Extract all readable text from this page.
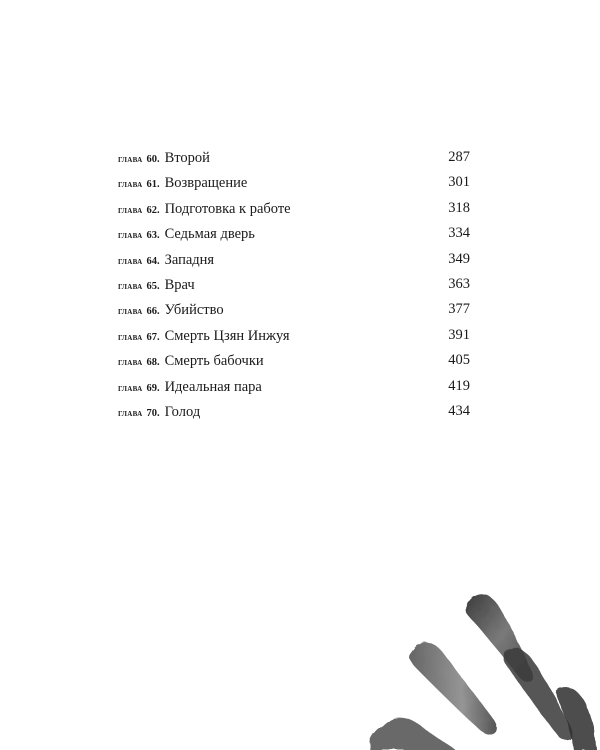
глава 60. Второй	287
глава 61. Возвращение	301
глава 62. Подготовка к работе	318
глава 63. Седьмая дверь	334
глава 64. Западня	349
глава 65. Врач	363
глава 66. Убийство	377
глава 67. Смерть Цзян Инжуя	391
глава 68. Смерть бабочки	405
глава 69. Идеальная пара	419
глава 70. Голод	434
